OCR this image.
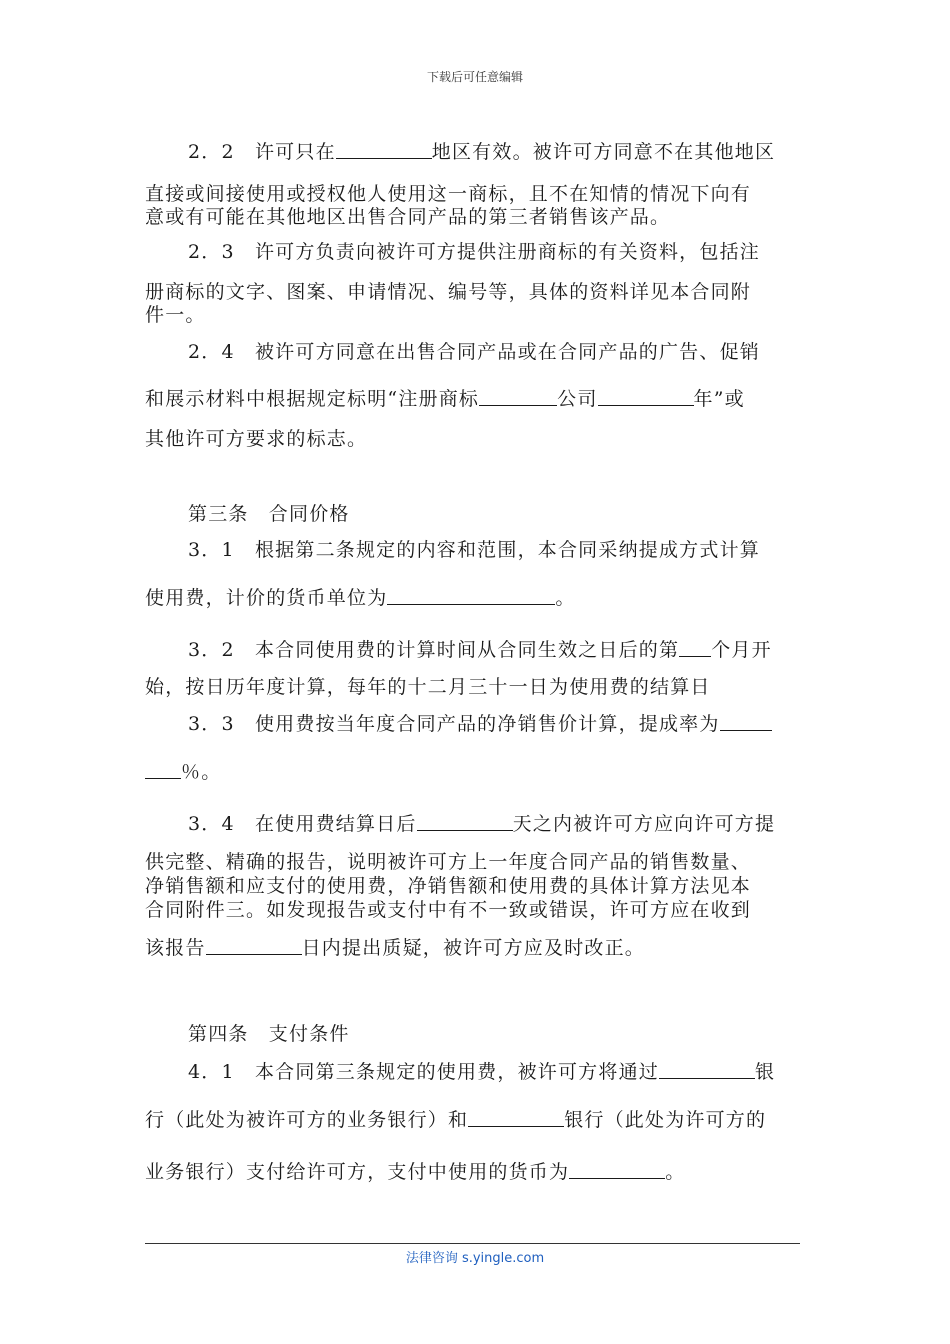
下载后可任意编辑
2．2　许可只在	地区有效。被许可方同意不在其他地区
直接或间接使用或授权他人使用这一商标，且不在知情的情况下向有
意或有可能在其他地区出售合同产品的第三者销售该产品。
2．3　许可方负责向被许可方提供注册商标的有关资料，包括注
册商标的文字、图案、申请情况、编号等，具体的资料详见本合同附
件一。
2．4　被许可方同意在出售合同产品或在合同产品的广告、促销
和展示材料中根据规定标明“注册商标	公司	年”或
其他许可方要求的标志。
第三条　合同价格
3．1　根据第二条规定的内容和范围，本合同采纳提成方式计算
使用费，计价的货币单位为	。
3．2　本合同使用费的计算时间从合同生效之日后的第 个月开
始，按日历年度计算，每年的十二月三十一日为使用费的结算日
3．3　使用费按当年度合同产品的净销售价计算，提成率为
％。
3．4　在使用费结算日后	天之内被许可方应向许可方提
供完整、精确的报告，说明被许可方上一年度合同产品的销售数量、
净销售额和应支付的使用费，净销售额和使用费的具体计算方法见本
合同附件三。如发现报告或支付中有不一致或错误，许可方应在收到
该报告	日内提出质疑，被许可方应及时改正。
第四条　支付条件
4．1　本合同第三条规定的使用费，被许可方将通过	银
行（此处为被许可方的业务银行）和	银行（此处为许可方的
业务银行）支付给许可方，支付中使用的货币为	。
法律咨询 s.yingle.com
